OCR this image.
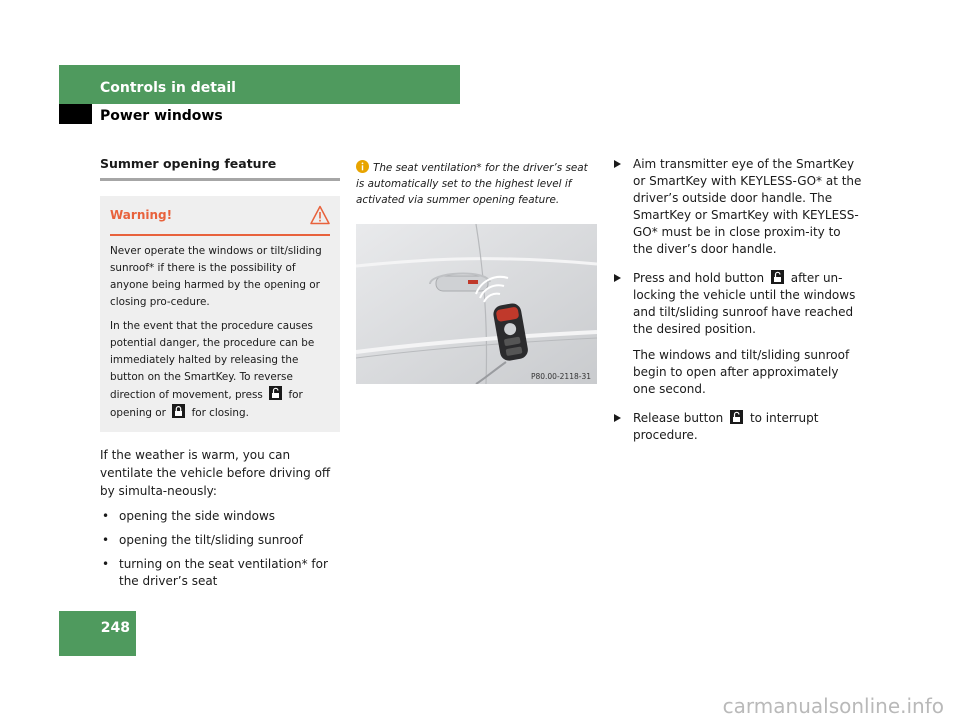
Controls in detail
Power windows
Summer opening feature
Warning!

Never operate the windows or tilt/sliding sunroof* if there is the possibility of anyone being harmed by the opening or closing pro-cedure.

In the event that the procedure causes potential danger, the procedure can be immediately halted by releasing the button on the SmartKey. To reverse direction of movement, press for opening or for closing.

If the weather is warm, you can ventilate the vehicle before driving off by simulta-neously:

• opening the side windows
• opening the tilt/sliding sunroof
• turning on the seat ventilation* for the driver’s seat

The seat ventilation* for the driver’s seat is automatically set to the highest level if activated via summer opening feature.

P80.00-2118-31

Aim transmitter eye of the SmartKey or SmartKey with KEYLESS-GO* at the driver’s outside door handle. The SmartKey or SmartKey with KEYLESS-GO* must be in close proxim-ity to the diver’s door handle.

Press and hold button after un-locking the vehicle until the windows and tilt/sliding sunroof have reached the desired position.

The windows and tilt/sliding sunroof begin to open after approximately one second.

Release button to interrupt procedure.

248
carmanualsonline.info
